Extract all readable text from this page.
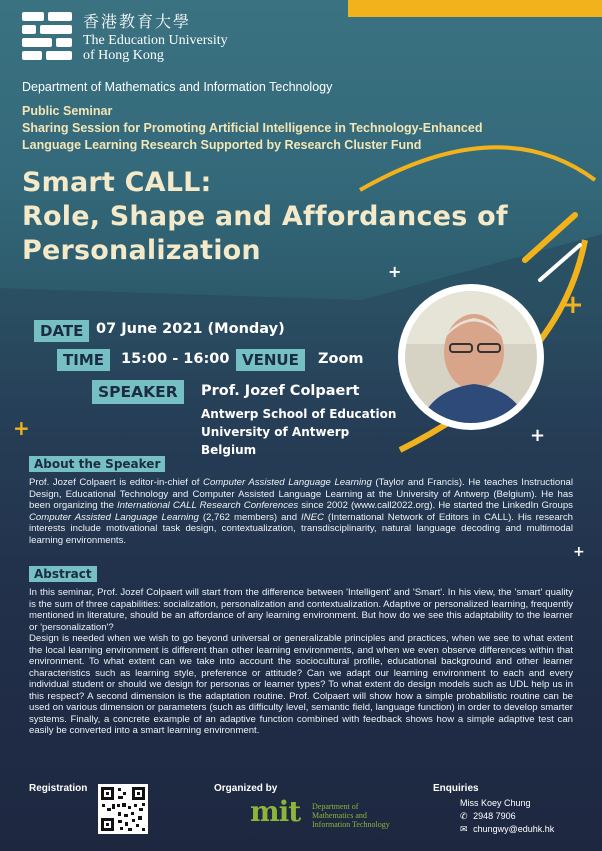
香港教育大學
The Education University
of Hong Kong
Department of Mathematics and Information Technology
Public Seminar
Sharing Session for Promoting Artificial Intelligence in Technology-Enhanced
Language Learning Research Supported by Research Cluster Fund
Smart CALL:
Role, Shape and Affordances of
Personalization
DATE 07 June 2021 (Monday)
TIME	15:00 - 16:00 VENUE	Zoom
SPEAKER	Prof. Jozef Colpaert
Antwerp School of Education
University of Antwerp
Belgium
+
+
+
+
+
About the Speaker
Prof. Jozef Colpaert is editor-in-chief of Computer Assisted Language Learning (Taylor and Francis). He teaches Instructional Design, Educational Technology and Computer Assisted Language Learning at the University of Antwerp (Belgium). He has been organizing the International CALL Research Conferences since 2002 (www.call2022.org). He started the LinkedIn Groups Computer Assisted Language Learning (2,762 members) and INEC (International Network of Editors in CALL). His research interests include motivational task design, contextualization, transdisciplinarity, natural language decoding and multimodal learning environments.
Abstract
In this seminar, Prof. Jozef Colpaert will start from the difference between 'Intelligent' and 'Smart'. In his view, the 'smart' quality is the sum of three capabilities: socialization, personalization and contextualization. Adaptive or personalized learning, frequently mentioned in literature, should be an affordance of any learning environment. But how do we see this adaptability to the learner or 'personalization'?
Design is needed when we wish to go beyond universal or generalizable principles and practices, when we see to what extent the local learning environment is different than other learning environments, and when we even observe differences within that environment. To what extent can we take into account the sociocultural profile, educational background and other learner characteristics such as learning style, preference or attitude? Can we adapt our learning environment to each and every individual student or should we design for personas or learner types? To what extent do design models such as UDL help us in this respect? A second dimension is the adaptation routine. Prof. Colpaert will show how a simple probabilistic routine can be used on various dimension or parameters (such as difficulty level, semantic field, language function) in order to develop smarter systems. Finally, a concrete example of an adaptive function combined with feedback shows how a simple adaptive test can easily be converted into a smart learning environment.
Registration	Organized by
mit Department of
Mathematics and
Information Technology
Enquiries
Miss Koey Chung
✆ 2948 7906
✉ chungwy@eduhk.hk
